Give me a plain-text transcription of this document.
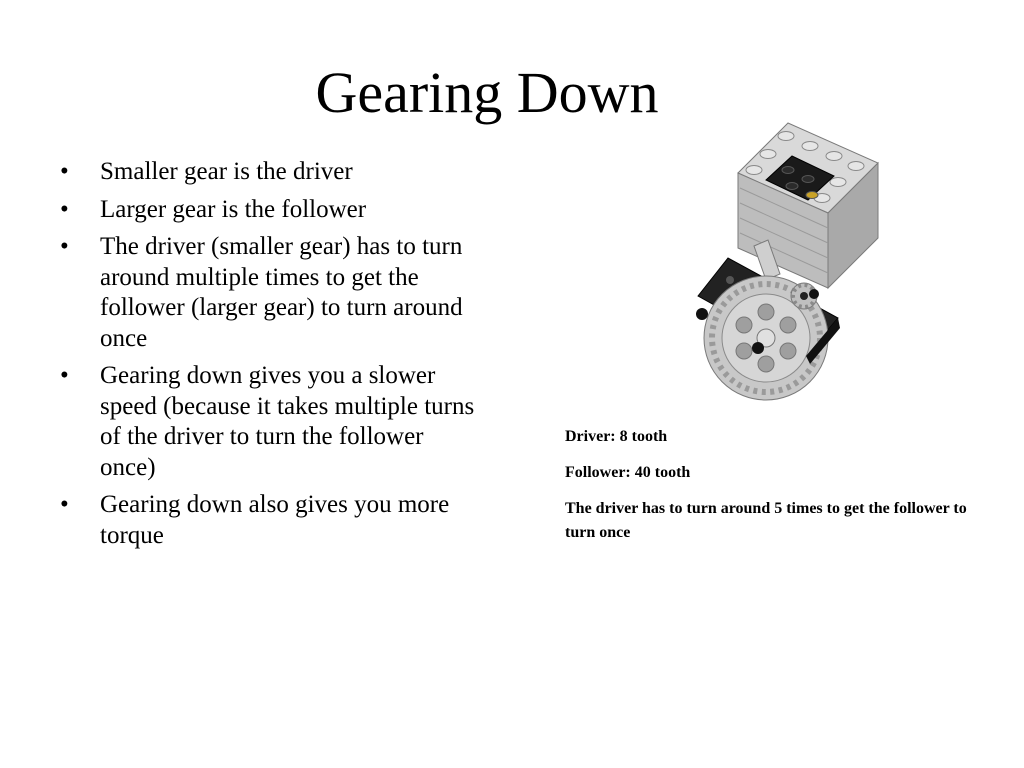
Gearing Down
• Smaller gear is the driver
• Larger gear is the follower
• The driver (smaller gear) has to turn around multiple times to get the follower (larger gear) to turn around once
• Gearing down gives you a slower speed (because it takes multiple turns of the driver to turn the follower once)
• Gearing down also gives you more torque

Driver: 8 tooth

Follower: 40 tooth

The driver has to turn around 5 times to get the follower to turn once
